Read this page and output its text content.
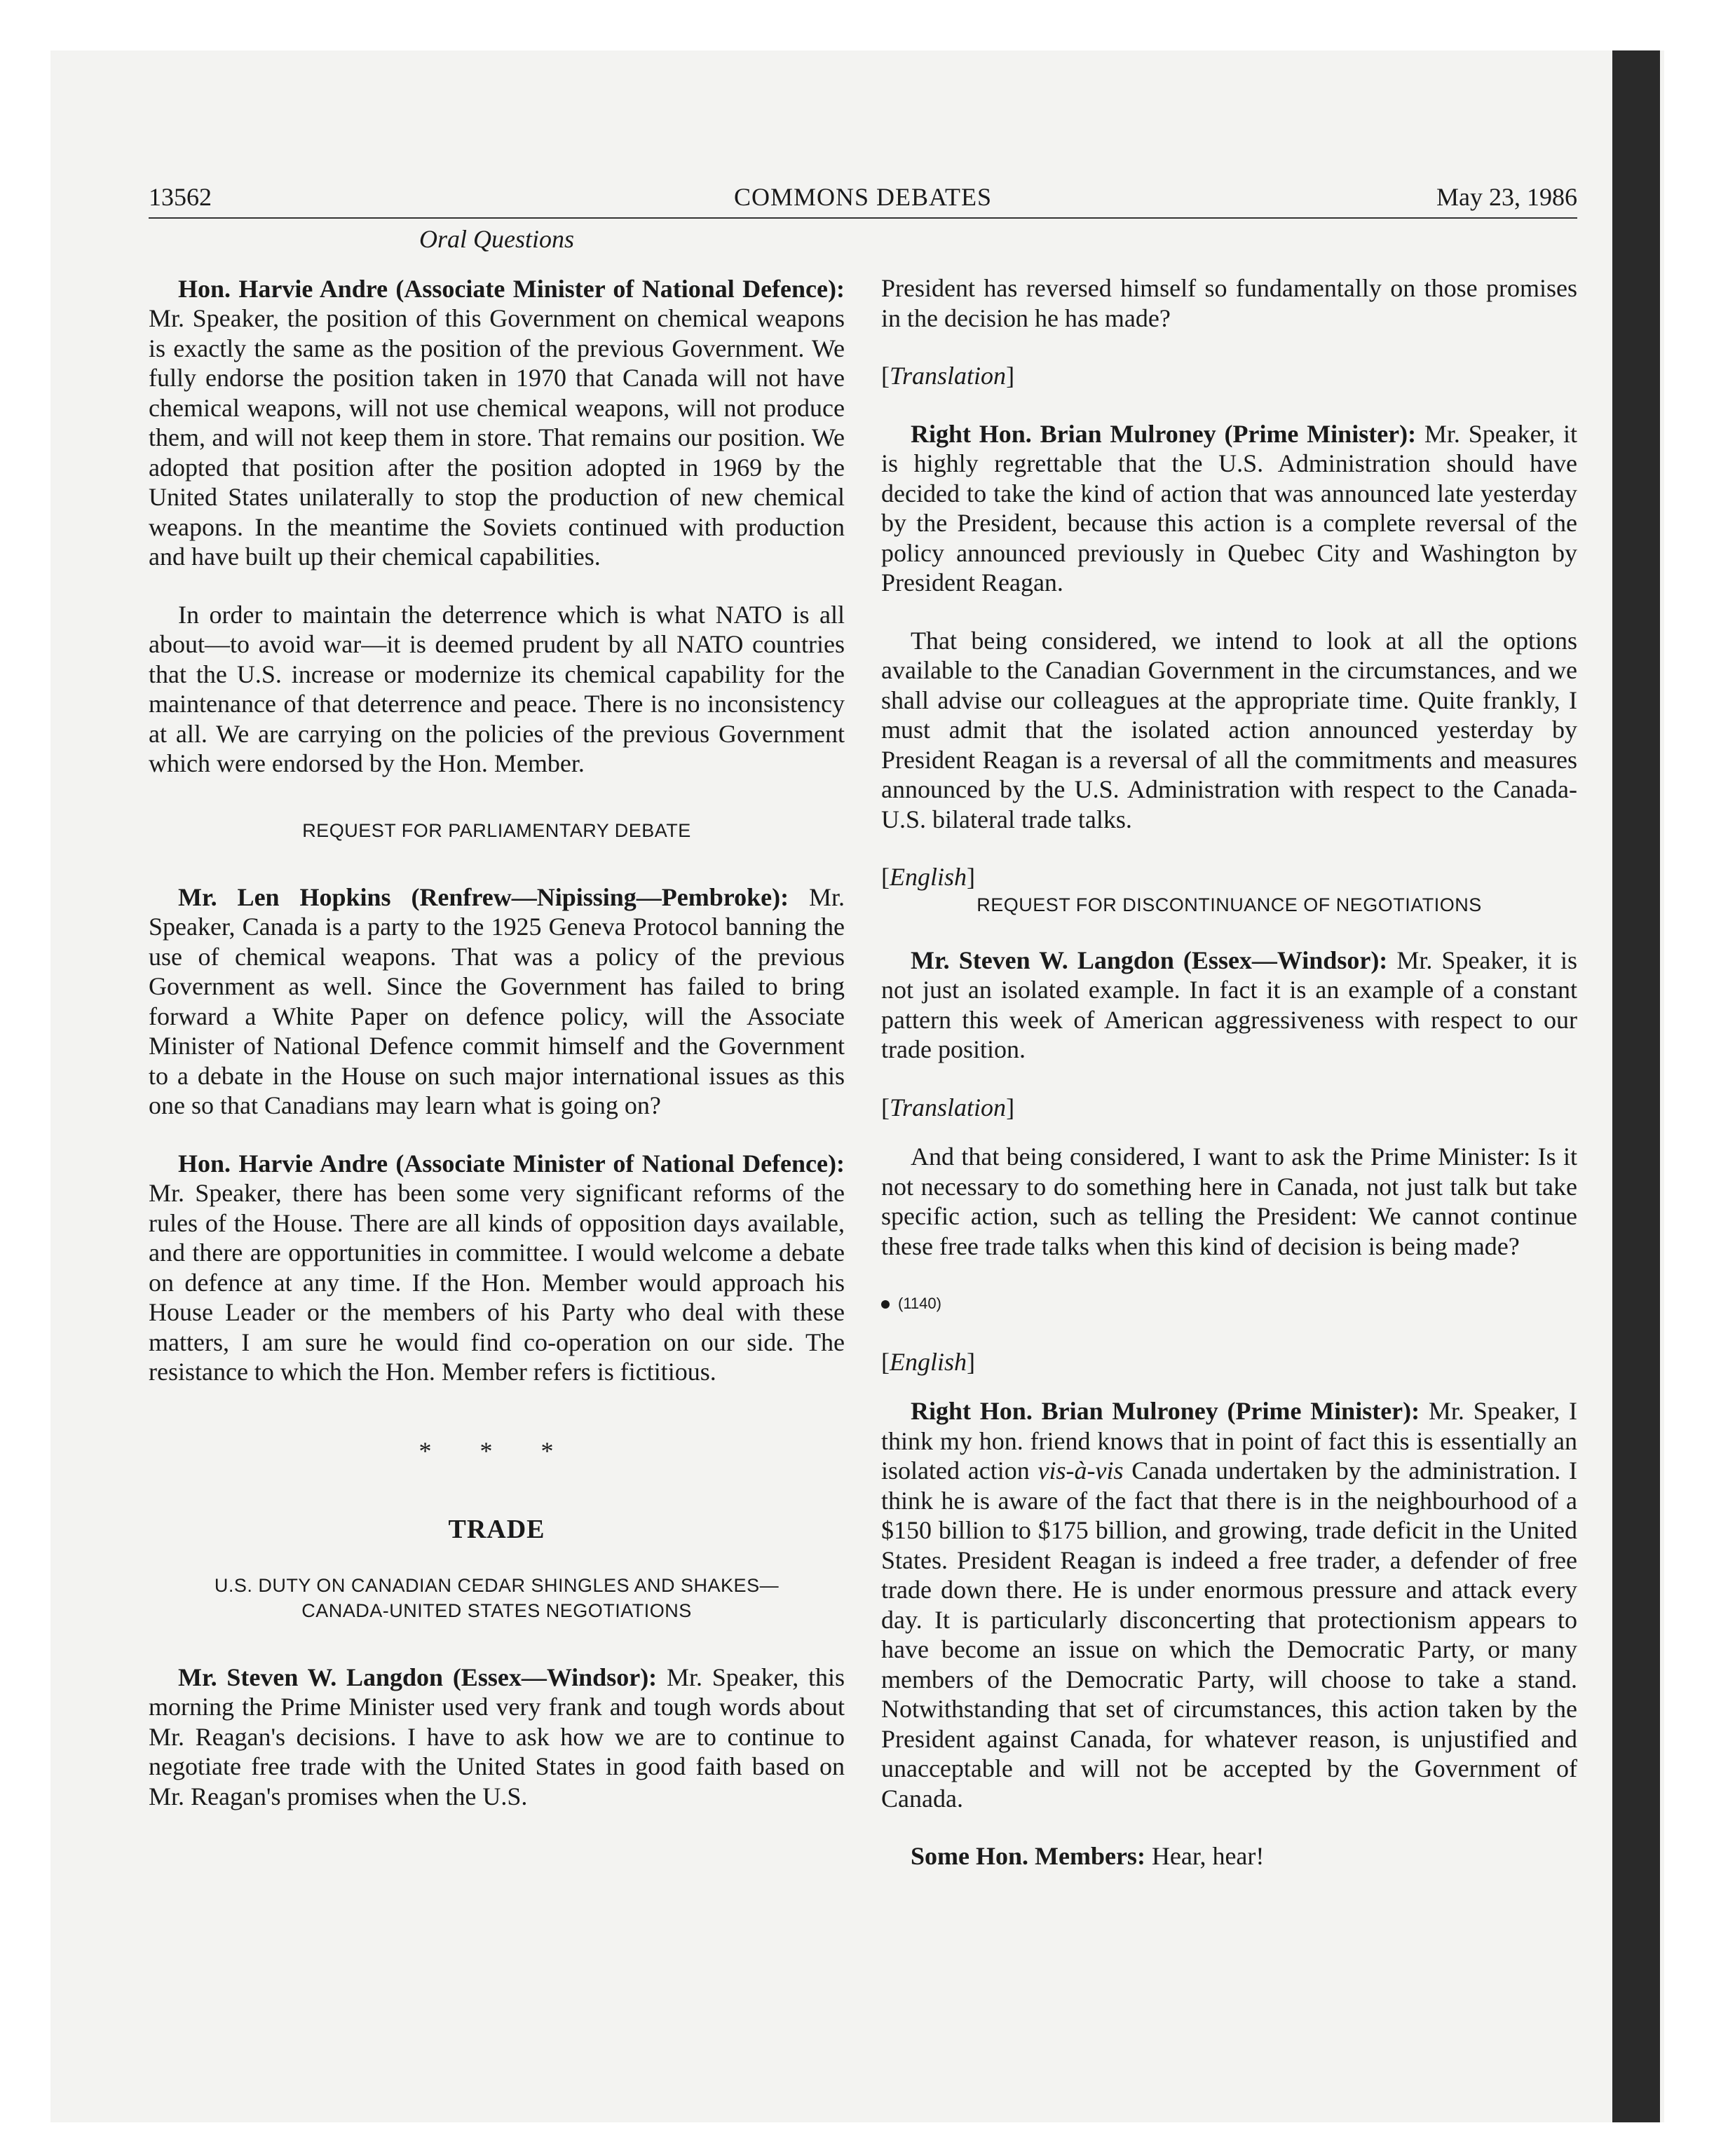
13562	COMMONS DEBATES	May 23, 1986

Oral Questions

Hon. Harvie Andre (Associate Minister of National Defence): Mr. Speaker, the position of this Government on chemical weapons is exactly the same as the position of the previous Government. We fully endorse the position taken in 1970 that Canada will not have chemical weapons, will not use chemical weapons, will not produce them, and will not keep them in store. That remains our position. We adopted that position after the position adopted in 1969 by the United States unilaterally to stop the production of new chemical weapons. In the meantime the Soviets continued with production and have built up their chemical capabilities.

In order to maintain the deterrence which is what NATO is all about—to avoid war—it is deemed prudent by all NATO countries that the U.S. increase or modernize its chemical capability for the maintenance of that deterrence and peace. There is no inconsistency at all. We are carrying on the policies of the previous Government which were endorsed by the Hon. Member.

REQUEST FOR PARLIAMENTARY DEBATE

Mr. Len Hopkins (Renfrew—Nipissing—Pembroke): Mr. Speaker, Canada is a party to the 1925 Geneva Protocol banning the use of chemical weapons. That was a policy of the previous Government as well. Since the Government has failed to bring forward a White Paper on defence policy, will the Associate Minister of National Defence commit himself and the Government to a debate in the House on such major international issues as this one so that Canadians may learn what is going on?

Hon. Harvie Andre (Associate Minister of National Defence): Mr. Speaker, there has been some very significant reforms of the rules of the House. There are all kinds of opposition days available, and there are opportunities in committee. I would welcome a debate on defence at any time. If the Hon. Member would approach his House Leader or the members of his Party who deal with these matters, I am sure he would find co-operation on our side. The resistance to which the Hon. Member refers is fictitious.

* * *

TRADE

U.S. DUTY ON CANADIAN CEDAR SHINGLES AND SHAKES—

CANADA-UNITED STATES NEGOTIATIONS

Mr. Steven W. Langdon (Essex—Windsor): Mr. Speaker, this morning the Prime Minister used very frank and tough words about Mr. Reagan's decisions. I have to ask how we are to continue to negotiate free trade with the United States in good faith based on Mr. Reagan's promises when the U.S.

President has reversed himself so fundamentally on those promises in the decision he has made?

[Translation]

Right Hon. Brian Mulroney (Prime Minister): Mr. Speaker, it is highly regrettable that the U.S. Administration should have decided to take the kind of action that was announced late yesterday by the President, because this action is a complete reversal of the policy announced previously in Quebec City and Washington by President Reagan.

That being considered, we intend to look at all the options available to the Canadian Government in the circumstances, and we shall advise our colleagues at the appropriate time. Quite frankly, I must admit that the isolated action announced yesterday by President Reagan is a reversal of all the commitments and measures announced by the U.S. Administration with respect to the Canada-U.S. bilateral trade talks.

[English]

REQUEST FOR DISCONTINUANCE OF NEGOTIATIONS

Mr. Steven W. Langdon (Essex—Windsor): Mr. Speaker, it is not just an isolated example. In fact it is an example of a constant pattern this week of American aggressiveness with respect to our trade position.

[Translation]

And that being considered, I want to ask the Prime Minister: Is it not necessary to do something here in Canada, not just talk but take specific action, such as telling the President: We cannot continue these free trade talks when this kind of decision is being made?

(1140)

[English]

Right Hon. Brian Mulroney (Prime Minister): Mr. Speaker, I think my hon. friend knows that in point of fact this is essentially an isolated action vis-à-vis Canada undertaken by the administration. I think he is aware of the fact that there is in the neighbourhood of a $150 billion to $175 billion, and growing, trade deficit in the United States. President Reagan is indeed a free trader, a defender of free trade down there. He is under enormous pressure and attack every day. It is particularly disconcerting that protectionism appears to have become an issue on which the Democratic Party, or many members of the Democratic Party, will choose to take a stand. Notwithstanding that set of circumstances, this action taken by the President against Canada, for whatever reason, is unjustified and unacceptable and will not be accepted by the Government of Canada.

Some Hon. Members: Hear, hear!
